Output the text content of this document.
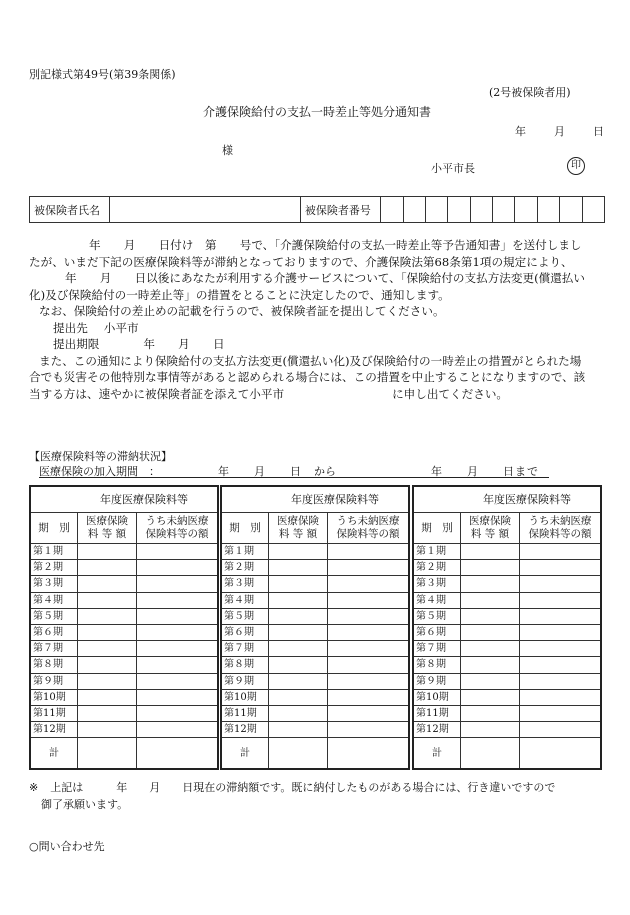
別記様式第49号(第39条関係)
(2号被保険者用)
介護保険給付の支払一時差止等処分通知書
年　　月　　日
様
小平市長	印
被保険者氏名		被保険者番号										
年　　月　　日付け　第　　号で、「介護保険給付の支払一時差止等予告通知書」を送付しまし
たが、いまだ下記の医療保険料等が滞納となっておりますので、介護保険法第68条第1項の規定により、
年　　月　　日以後にあなたが利用する介護サービスについて、「保険給付の支払方法変更(償還払い
化)及び保険給付の一時差止等」の措置をとることに決定したので、通知します。
なお、保険給付の差止めの記載を行うので、被保険者証を提出してください。
提出先 小平市
提出期限	年　　月　　日
また、この通知により保険給付の支払方法変更(償還払い化)及び保険給付の一時差止の措置がとられた場
合でも災害その他特別な事情等があると認められる場合には、この措置を中止することになりますので、該
当する方は、速やかに被保険者証を添えて小平市	に申し出てください。
【医療保険料等の滞納状況】
医療保険の加入期間　：	年　　月　　日 から	年　　月　　日まで
年度医療保険料等		
期　別	医療保険
料 等 額	うち未納医療
保険料等の額
第１期		
第２期		
第３期		
第４期		
第５期		
第６期		
第７期		
第８期		
第９期		
第10期		
第11期		
第12期		
計		
年度医療保険料等		
期　別	医療保険
料 等 額	うち未納医療
保険料等の額
第１期		
第２期		
第３期		
第４期		
第５期		
第６期		
第７期		
第８期		
第９期		
第10期		
第11期		
第12期		
計		
年度医療保険料等		
期　別	医療保険
料 等 額	うち未納医療
保険料等の額
第１期		
第２期		
第３期		
第４期		
第５期		
第６期		
第７期		
第８期		
第９期		
第10期		
第11期		
第12期		
計		
※ 上記は　　　年　　月　　日現在の滞納額です。既に納付したものがある場合には、行き違いですので
御了承願います。
○問い合わせ先
